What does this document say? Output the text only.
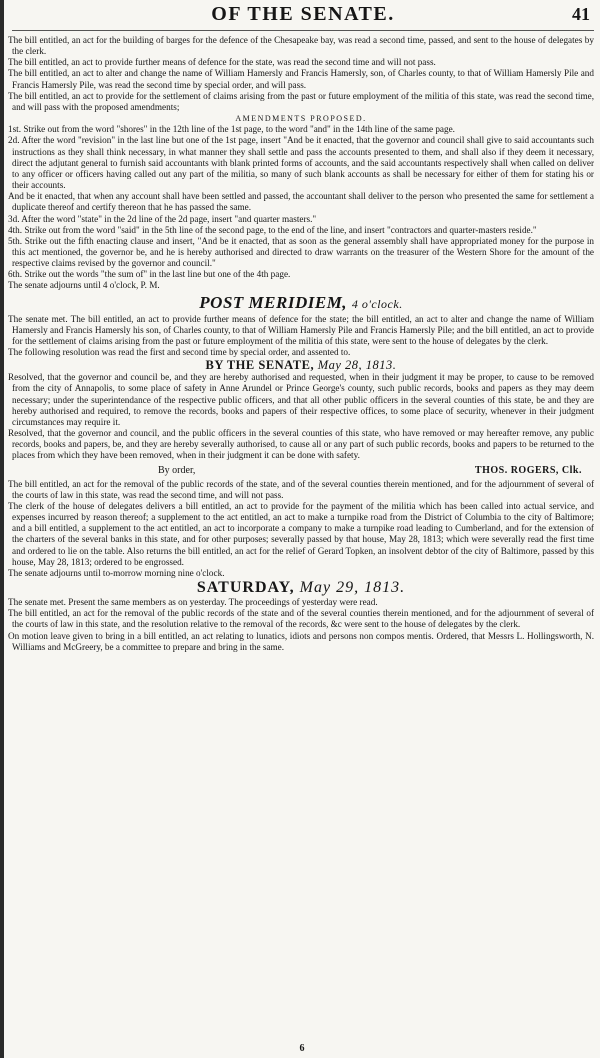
OF THE SENATE.	41

The bill entitled, an act for the building of barges for the defence of the Chesapeake bay, was read a second time, passed, and sent to the house of delegates by the clerk.

The bill entitled, an act to provide further means of defence for the state, was read the second time and will not pass.

The bill entitled, an act to alter and change the name of William Hamersly and Francis Hamersly, son, of Charles county, to that of William Hamersly Pile and Francis Hamersly Pile, was read the second time by special order, and will pass.

The bill entitled, an act to provide for the settlement of claims arising from the past or future employment of the militia of this state, was read the second time, and will pass with the proposed amendments;

AMENDMENTS PROPOSED.

1st. Strike out from the word "shores" in the 12th line of the 1st page, to the word "and" in the 14th line of the same page.

2d. After the word "revision" in the last line but one of the 1st page, insert "And be it enacted, that the governor and council shall give to said accountants such instructions as they shall think necessary, in what manner they shall settle and pass the accounts presented to them, and shall also if they deem it necessary, direct the adjutant general to furnish said accountants with blank printed forms of accounts, and the said accountants respectively shall when called on deliver to any officer or officers having called out any part of the militia, so many of such blank accounts as shall be necessary for either of them for stating his or their accounts.

And be it enacted, that when any account shall have been settled and passed, the accountant shall deliver to the person who presented the same for settlement a duplicate thereof and certify thereon that he has passed the same.

3d. After the word "state" in the 2d line of the 2d page, insert "and quarter masters."

4th. Strike out from the word "said" in the 5th line of the second page, to the end of the line, and insert "contractors and quarter-masters reside."

5th. Strike out the fifth enacting clause and insert, "And be it enacted, that as soon as the general assembly shall have appropriated money for the purpose in this act mentioned, the governor be, and he is hereby authorised and directed to draw warrants on the treasurer of the Western Shore for the amount of the respective claims revised by the governor and council."

6th. Strike out the words "the sum of" in the last line but one of the 4th page.

The senate adjourns until 4 o'clock, P. M.

POST MERIDIEM, 4 o'clock.

The senate met. The bill entitled, an act to provide further means of defence for the state; the bill entitled, an act to alter and change the name of William Hamersly and Francis Hamersly his son, of Charles county, to that of William Hamersly Pile and Francis Hamersly Pile; and the bill entitled, an act to provide for the settlement of claims arising from the past or future employment of the militia of this state, were sent to the house of delegates by the clerk.

The following resolution was read the first and second time by special order, and assented to.

BY THE SENATE, May 28, 1813.

Resolved, that the governor and council be, and they are hereby authorised and requested, when in their judgment it may be proper, to cause to be removed from the city of Annapolis, to some place of safety in Anne Arundel or Prince George's county, such public records, books and papers as they may deem necessary; under the superintendance of the respective public officers, and that all other public officers in the several counties of this state, be and they are hereby authorised and required, to remove the records, books and papers of their respective offices, to some place of security, whenever in their judgment circumstances may require it.

Resolved, that the governor and council, and the public officers in the several counties of this state, who have removed or may hereafter remove, any public records, books and papers, be, and they are hereby severally authorised, to cause all or any part of such public records, books and papers to be returned to the places from which they have been removed, when in their judgment it can be done with safety.

By order,	THOS. ROGERS, Clk.

The bill entitled, an act for the removal of the public records of the state, and of the several counties therein mentioned, and for the adjournment of several of the courts of law in this state, was read the second time, and will not pass.

The clerk of the house of delegates delivers a bill entitled, an act to provide for the payment of the militia which has been called into actual service, and expenses incurred by reason thereof; a supplement to the act entitled, an act to make a turnpike road from the District of Columbia to the city of Baltimore; and a bill entitled, a supplement to the act entitled, an act to incorporate a company to make a turnpike road leading to Cumberland, and for the extension of the charters of the several banks in this state, and for other purposes; severally passed by that house, May 28, 1813; which were severally read the first time and ordered to lie on the table. Also returns the bill entitled, an act for the relief of Gerard Topken, an insolvent debtor of the city of Baltimore, passed by this house, May 28, 1813; ordered to be engrossed.

The senate adjourns until to-morrow morning nine o'clock.

SATURDAY, May 29, 1813.

The senate met. Present the same members as on yesterday. The proceedings of yesterday were read.

The bill entitled, an act for the removal of the public records of the state and of the several counties therein mentioned, and for the adjournment of several of the courts of law in this state, and the resolution relative to the removal of the records, &c were sent to the house of delegates by the clerk.

On motion leave given to bring in a bill entitled, an act relating to lunatics, idiots and persons non compos mentis. Ordered, that Messrs L. Hollingsworth, N. Williams and McGreery, be a committee to prepare and bring in the same.

6
